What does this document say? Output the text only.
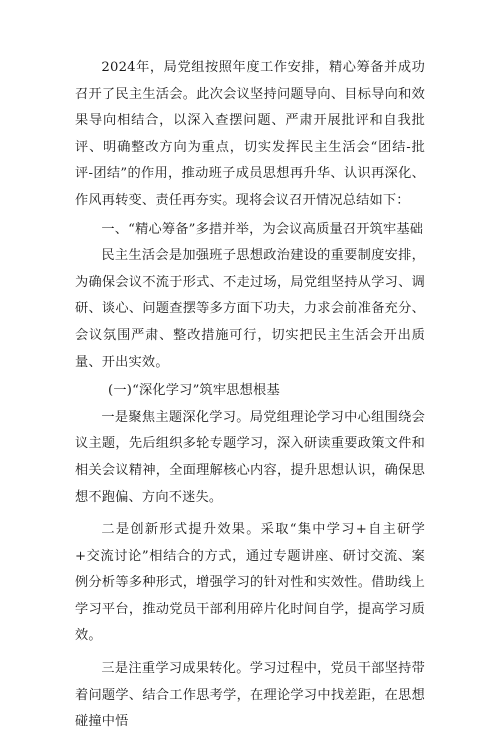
2024年，局党组按照年度工作安排，精心筹备并成功召开了民主生活会。此次会议坚持问题导向、目标导向和效果导向相结合，以深入查摆问题、严肃开展批评和自我批评、明确整改方向为重点，切实发挥民主生活会“团结-批评-团结”的作用，推动班子成员思想再升华、认识再深化、作风再转变、责任再夯实。现将会议召开情况总结如下：

一、“精心筹备”多措并举，为会议高质量召开筑牢基础

民主生活会是加强班子思想政治建设的重要制度安排，为确保会议不流于形式、不走过场，局党组坚持从学习、调研、谈心、问题查摆等多方面下功夫，力求会前准备充分、会议氛围严肃、整改措施可行，切实把民主生活会开出质量、开出实效。

(一)“深化学习”筑牢思想根基

一是聚焦主题深化学习。局党组理论学习中心组围绕会议主题，先后组织多轮专题学习，深入研读重要政策文件和相关会议精神，全面理解核心内容，提升思想认识，确保思想不跑偏、方向不迷失。

二是创新形式提升效果。采取“集中学习+自主研学+交流讨论”相结合的方式，通过专题讲座、研讨交流、案例分析等多种形式，增强学习的针对性和实效性。借助线上学习平台，推动党员干部利用碎片化时间自学，提高学习质效。

三是注重学习成果转化。学习过程中，党员干部坚持带着问题学、结合工作思考学，在理论学习中找差距，在思想碰撞中悟
